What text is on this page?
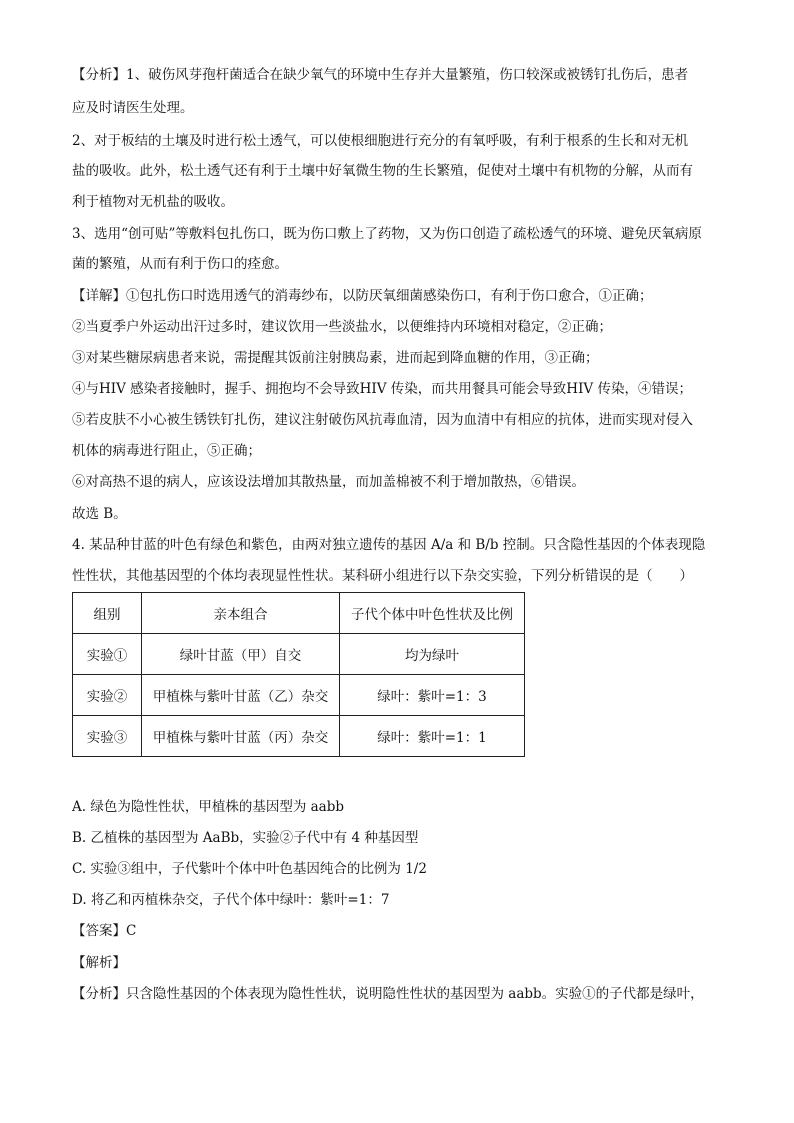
【分析】1、破伤风芽孢杆菌适合在缺少氧气的环境中生存并大量繁殖，伤口较深或被锈钉扎伤后，患者
应及时请医生处理。
2、对于板结的土壤及时进行松土透气，可以使根细胞进行充分的有氧呼吸，有利于根系的生长和对无机
盐的吸收。此外，松土透气还有利于土壤中好氧微生物的生长繁殖，促使对土壤中有机物的分解，从而有
利于植物对无机盐的吸收。
3、选用“创可贴”等敷料包扎伤口，既为伤口敷上了药物，又为伤口创造了疏松透气的环境、避免厌氧病原
菌的繁殖，从而有利于伤口的痊愈。
【详解】①包扎伤口时选用透气的消毒纱布，以防厌氧细菌感染伤口，有利于伤口愈合，①正确；
②当夏季户外运动出汗过多时，建议饮用一些淡盐水，以便维持内环境相对稳定，②正确；
③对某些糖尿病患者来说，需提醒其饭前注射胰岛素，进而起到降血糖的作用，③正确；
④与HIV 感染者接触时，握手、拥抱均不会导致HIV 传染，而共用餐具可能会导致HIV 传染，④错误；
⑤若皮肤不小心被生锈铁钉扎伤，建议注射破伤风抗毒血清，因为血清中有相应的抗体，进而实现对侵入
机体的病毒进行阻止，⑤正确；
⑥对高热不退的病人，应该设法增加其散热量，而加盖棉被不利于增加散热，⑥错误。
故选 B。
4. 某品种甘蓝的叶色有绿色和紫色，由两对独立遗传的基因 A/a 和 B/b 控制。只含隐性基因的个体表现隐
性性状，其他基因型的个体均表现显性性状。某科研小组进行以下杂交实验，下列分析错误的是（　　）
组别	亲本组合	子代个体中叶色性状及比例
实验①	绿叶甘蓝（甲）自交	均为绿叶
实验②	甲植株与紫叶甘蓝（乙）杂交	绿叶：紫叶=1：3
实验③	甲植株与紫叶甘蓝（丙）杂交	绿叶：紫叶=1：1
A. 绿色为隐性性状，甲植株的基因型为 aabb
B. 乙植株的基因型为 AaBb，实验②子代中有 4 种基因型
C. 实验③组中，子代紫叶个体中叶色基因纯合的比例为 1/2
D. 将乙和丙植株杂交，子代个体中绿叶：紫叶=1：7
【答案】C
【解析】
【分析】只含隐性基因的个体表现为隐性性状，说明隐性性状的基因型为 aabb。实验①的子代都是绿叶，
